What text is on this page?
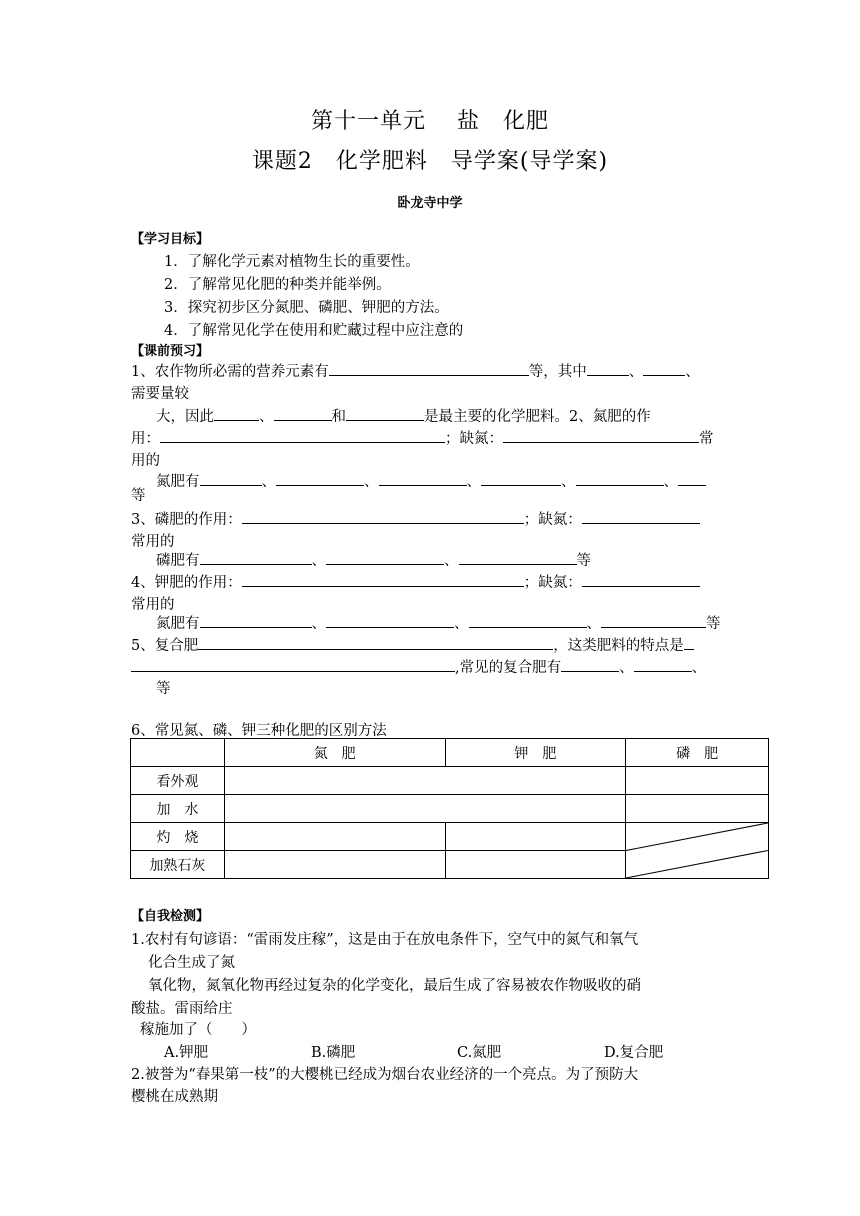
第十一单元　 盐　化肥
课题2　化学肥料　导学案(导学案)
卧龙寺中学
【学习目标】
1．了解化学元素对植物生长的重要性。
2．了解常见化肥的种类并能举例。
3．探究初步区分氮肥、磷肥、钾肥的方法。
4．了解常见化学在使用和贮藏过程中应注意的
【课前预习】
1、农作物所必需的营养元素有	等，其中	、	、
需要量较
大，因此	、	和	是最主要的化学肥料。2、氮肥的作
用：	；缺氮：	常
用的
氮肥有	、	、	、	、	、
等
3、磷肥的作用：	；缺氮：
常用的
磷肥有	、	、	等
4、钾肥的作用：	；缺氮：
常用的
氮肥有	、	、	、	等
5、复合肥	，这类肥料的特点是
,常见的复合肥有	、	、
等
6、常见氮、磷、钾三种化肥的区别方法
	氮　肥	钾　肥	磷　肥
看外观			
加　水			
灼　烧			

加熟石灰			
【自我检测】
1.农村有句谚语：“雷雨发庄稼”，这是由于在放电条件下，空气中的氮气和氧气
化合生成了氮
氧化物，氮氧化物再经过复杂的化学变化，最后生成了容易被农作物吸收的硝
酸盐。雷雨给庄
稼施加了（　　）
A.钾肥	B.磷肥	C.氮肥	D.复合肥
2.被誉为“春果第一枝”的大樱桃已经成为烟台农业经济的一个亮点。为了预防大
樱桃在成熟期
